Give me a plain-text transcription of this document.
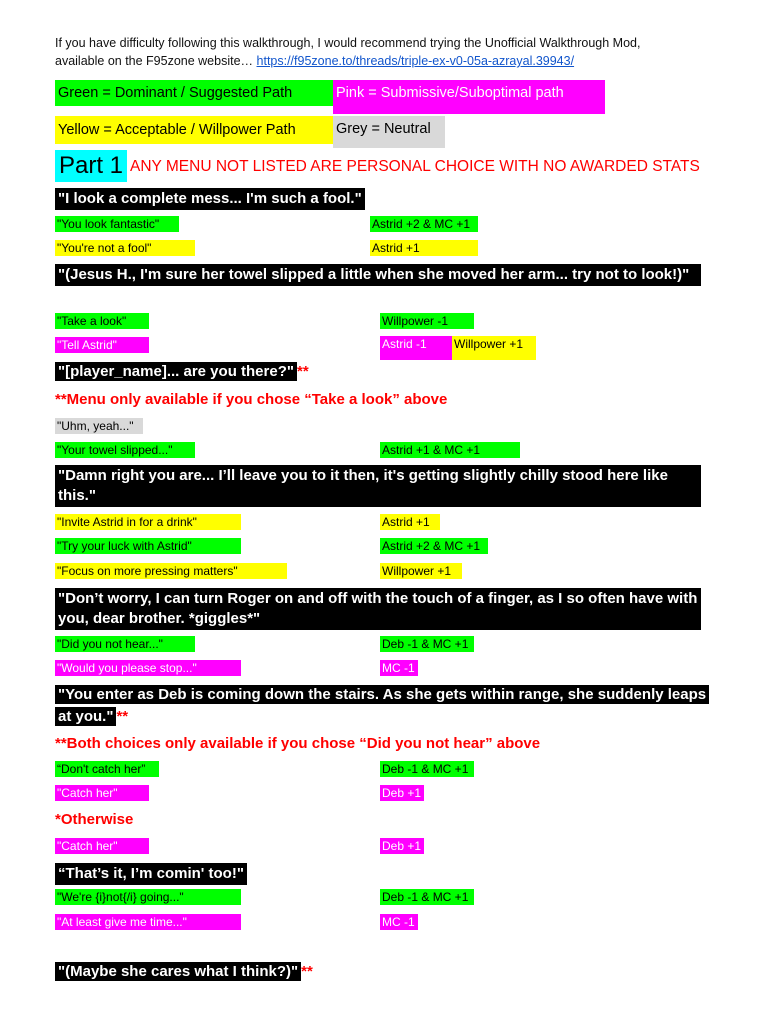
If you have difficulty following this walkthrough, I would recommend trying the Unofficial Walkthrough Mod,
available on the F95zone website… https://f95zone.to/threads/triple-ex-v0-05a-azrayal.39943/
Green = Dominant / Suggested Path	Pink = Submissive/Suboptimal path
Yellow = Acceptable / Willpower Path	Grey = Neutral
Part 1 ANY MENU NOT LISTED ARE PERSONAL CHOICE WITH NO AWARDED STATS
"I look a complete mess... I'm such a fool."
"You look fantastic"	Astrid +2 & MC +1
"You're not a fool"	Astrid +1
"(Jesus H., I'm sure her towel slipped a little when she moved her arm... try not to look!)"
"Take a look"	Willpower -1
"Tell Astrid"	Astrid -1	Willpower +1
"[player_name]... are you there?" **
**Menu only available if you chose “Take a look” above
"Uhm, yeah..."
"Your towel slipped..."	Astrid +1 & MC +1
"Damn right you are... I’ll leave you to it then, it's getting slightly chilly stood here like this."
"Invite Astrid in for a drink"	Astrid +1
"Try your luck with Astrid"	Astrid +2 & MC +1
"Focus on more pressing matters"	Willpower +1
"Don’t worry, I can turn Roger on and off with the touch of a finger, as I so often have with you, dear brother. *giggles*"
"Did you not hear..."	Deb -1 & MC +1
"Would you please stop..."	MC -1
"You enter as Deb is coming down the stairs. As she gets within range, she suddenly leaps at you." **
**Both choices only available if you chose “Did you not hear” above
“Don't catch her”	Deb -1 & MC +1
"Catch her"	Deb +1
*Otherwise
"Catch her"	Deb +1
“That’s it, I’m comin' too!"
"We're {i}not{/i} going..."	Deb -1 & MC +1
"At least give me time..."	MC -1
"(Maybe she cares what I think?)" **
